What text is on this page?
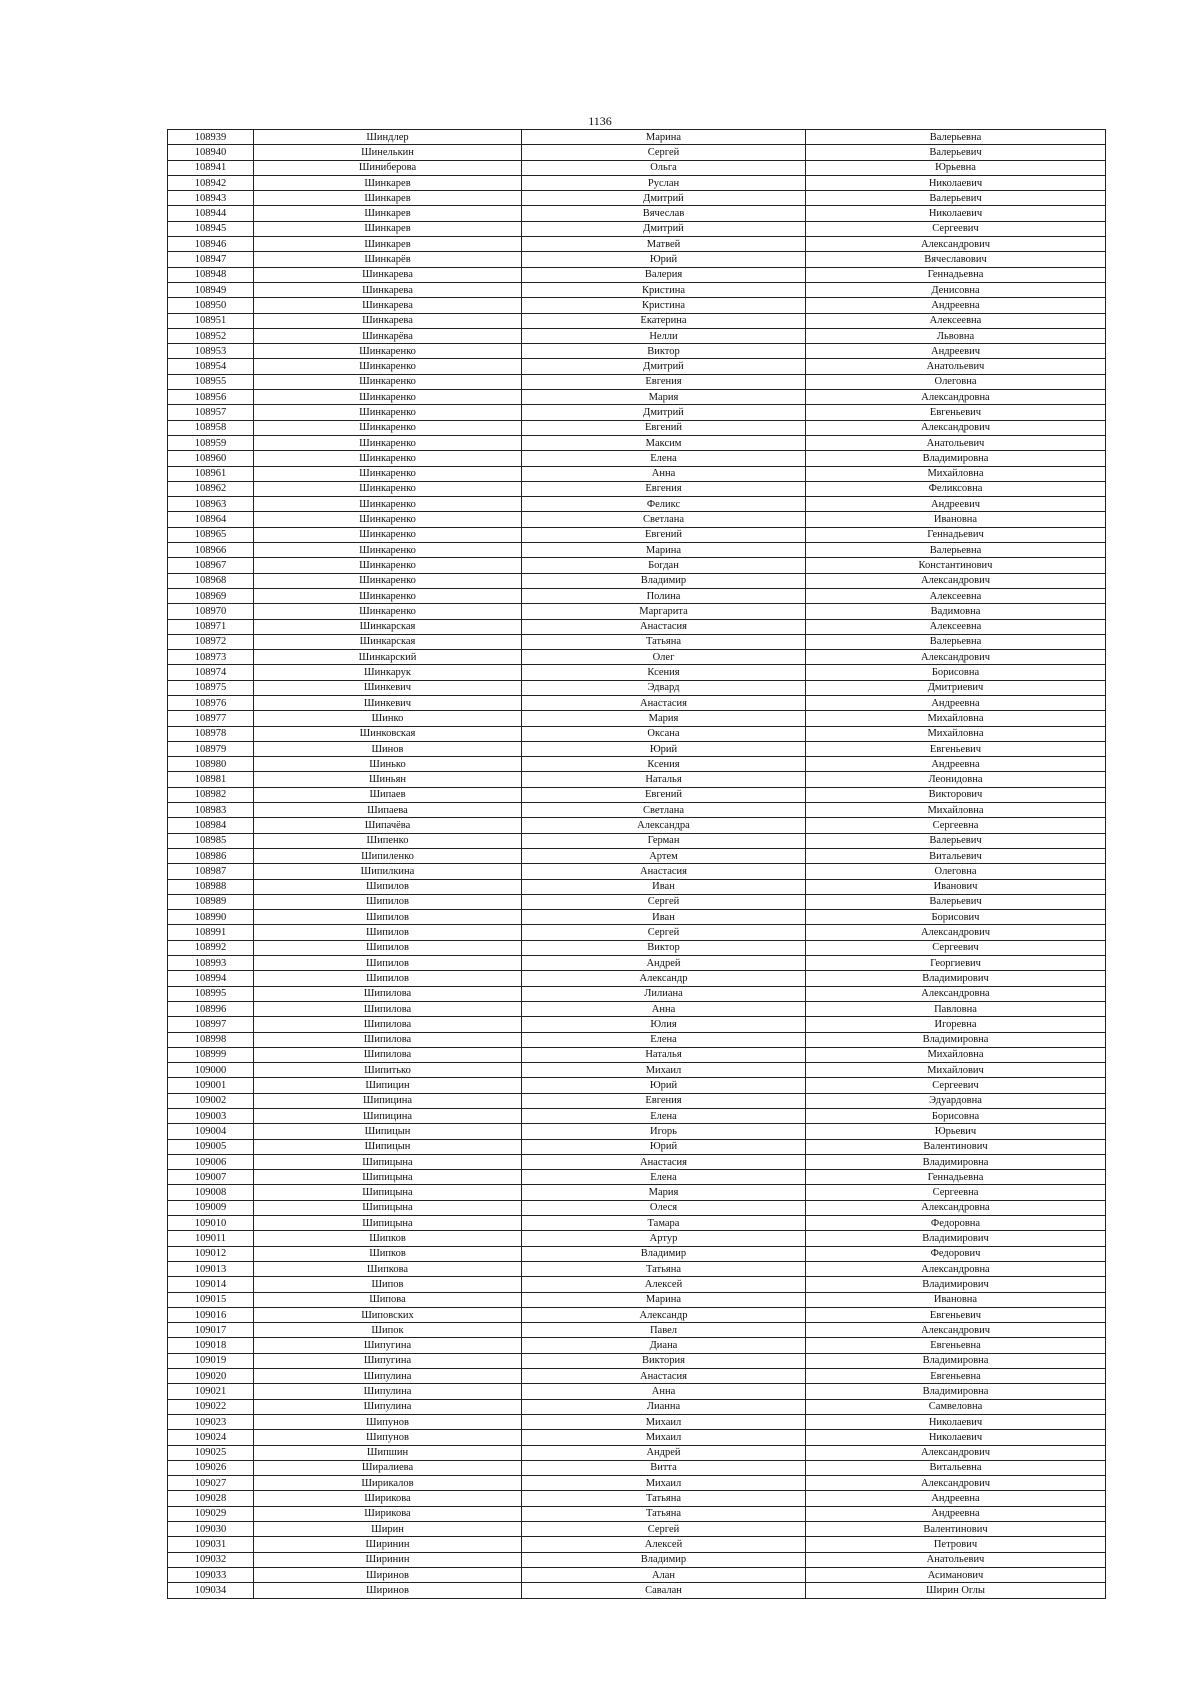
1136
108939	Шиндлер	Марина	Валерьевна
108940	Шинелькин	Сергей	Валерьевич
108941	Шиниберова	Ольга	Юрьевна
108942	Шинкарев	Руслан	Николаевич
108943	Шинкарев	Дмитрий	Валерьевич
108944	Шинкарев	Вячеслав	Николаевич
108945	Шинкарев	Дмитрий	Сергеевич
108946	Шинкарев	Матвей	Александрович
108947	Шинкарёв	Юрий	Вячеславович
108948	Шинкарева	Валерия	Геннадьевна
108949	Шинкарева	Кристина	Денисовна
108950	Шинкарева	Кристина	Андреевна
108951	Шинкарева	Екатерина	Алексеевна
108952	Шинкарёва	Нелли	Львовна
108953	Шинкаренко	Виктор	Андреевич
108954	Шинкаренко	Дмитрий	Анатольевич
108955	Шинкаренко	Евгения	Олеговна
108956	Шинкаренко	Мария	Александровна
108957	Шинкаренко	Дмитрий	Евгеньевич
108958	Шинкаренко	Евгений	Александрович
108959	Шинкаренко	Максим	Анатольевич
108960	Шинкаренко	Елена	Владимировна
108961	Шинкаренко	Анна	Михайловна
108962	Шинкаренко	Евгения	Феликсовна
108963	Шинкаренко	Феликс	Андреевич
108964	Шинкаренко	Светлана	Ивановна
108965	Шинкаренко	Евгений	Геннадьевич
108966	Шинкаренко	Марина	Валерьевна
108967	Шинкаренко	Богдан	Константинович
108968	Шинкаренко	Владимир	Александрович
108969	Шинкаренко	Полина	Алексеевна
108970	Шинкаренко	Маргарита	Вадимовна
108971	Шинкарская	Анастасия	Алексеевна
108972	Шинкарская	Татьяна	Валерьевна
108973	Шинкарский	Олег	Александрович
108974	Шинкарук	Ксения	Борисовна
108975	Шинкевич	Эдвард	Дмитриевич
108976	Шинкевич	Анастасия	Андреевна
108977	Шинко	Мария	Михайловна
108978	Шинковская	Оксана	Михайловна
108979	Шинов	Юрий	Евгеньевич
108980	Шинько	Ксения	Андреевна
108981	Шиньян	Наталья	Леонидовна
108982	Шипаев	Евгений	Викторович
108983	Шипаева	Светлана	Михайловна
108984	Шипачёва	Александра	Сергеевна
108985	Шипенко	Герман	Валерьевич
108986	Шипиленко	Артем	Витальевич
108987	Шипилкина	Анастасия	Олеговна
108988	Шипилов	Иван	Иванович
108989	Шипилов	Сергей	Валерьевич
108990	Шипилов	Иван	Борисович
108991	Шипилов	Сергей	Александрович
108992	Шипилов	Виктор	Сергеевич
108993	Шипилов	Андрей	Георгиевич
108994	Шипилов	Александр	Владимирович
108995	Шипилова	Лилиана	Александровна
108996	Шипилова	Анна	Павловна
108997	Шипилова	Юлия	Игоревна
108998	Шипилова	Елена	Владимировна
108999	Шипилова	Наталья	Михайловна
109000	Шипитько	Михаил	Михайлович
109001	Шипицин	Юрий	Сергеевич
109002	Шипицина	Евгения	Эдуардовна
109003	Шипицина	Елена	Борисовна
109004	Шипицын	Игорь	Юрьевич
109005	Шипицын	Юрий	Валентинович
109006	Шипицына	Анастасия	Владимировна
109007	Шипицына	Елена	Геннадьевна
109008	Шипицына	Мария	Сергеевна
109009	Шипицына	Олеся	Александровна
109010	Шипицына	Тамара	Федоровна
109011	Шипков	Артур	Владимирович
109012	Шипков	Владимир	Федорович
109013	Шипкова	Татьяна	Александровна
109014	Шипов	Алексей	Владимирович
109015	Шипова	Марина	Ивановна
109016	Шиповских	Александр	Евгеньевич
109017	Шипок	Павел	Александрович
109018	Шипугина	Диана	Евгеньевна
109019	Шипугина	Виктория	Владимировна
109020	Шипулина	Анастасия	Евгеньевна
109021	Шипулина	Анна	Владимировна
109022	Шипулина	Лианна	Самвеловна
109023	Шипунов	Михаил	Николаевич
109024	Шипунов	Михаил	Николаевич
109025	Шипшин	Андрей	Александрович
109026	Ширалиева	Витта	Витальевна
109027	Ширикалов	Михаил	Александрович
109028	Ширикова	Татьяна	Андреевна
109029	Ширикова	Татьяна	Андреевна
109030	Ширин	Сергей	Валентинович
109031	Ширинин	Алексей	Петрович
109032	Ширинин	Владимир	Анатольевич
109033	Ширинов	Алан	Асиманович
109034	Ширинов	Савалан	Ширин Оглы
